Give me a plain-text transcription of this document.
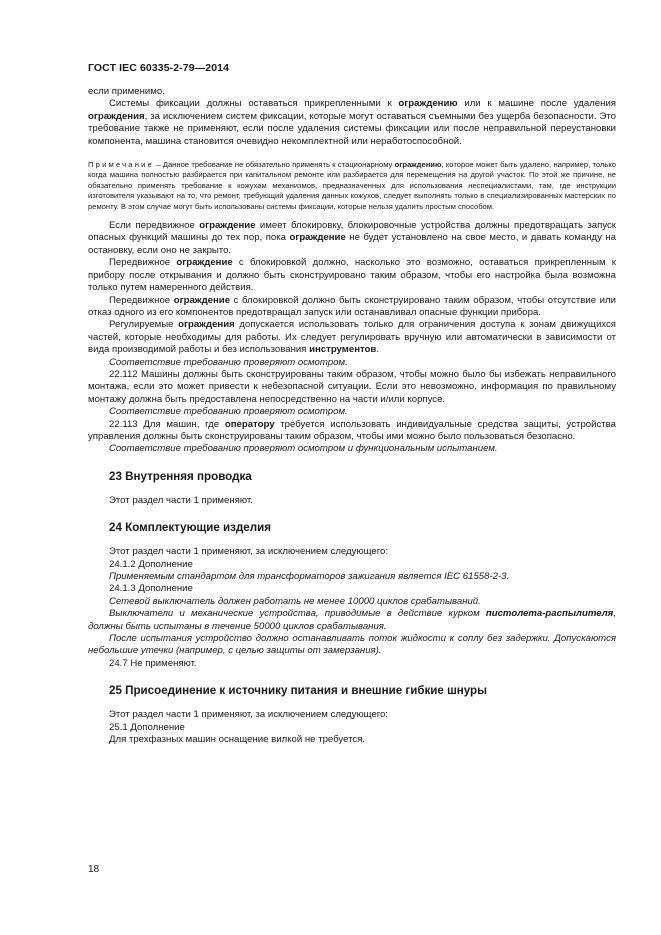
ГОСТ IEC 60335-2-79—2014

если применимо.

Системы фиксации должны оставаться прикрепленными к ограждению или к машине после удаления ограждения, за исключением систем фиксации, которые могут оставаться съемными без ущерба безопасности. Это требование также не применяют, если после удаления системы фиксации или после неправильной переустановки компонента, машина становится очевидно некомплектной или неработоспособной.

Примечание – Данное требование не обязательно применять к стационарному ограждению, которое может быть удалено, например, только когда машина полностью разбирается при капитальном ремонте или разбирается для перемещения на другой участок. По этой же причине, не обязательно применять требование к кожухам механизмов, предназначенных для использования неспециалистами, там, где инструкции изготовителя указывают на то, что ремонт, требующий удаления данных кожухов, следует выполнять только в специализированных мастерских по ремонту. В этом случае могут быть использованы системы фиксации, которые нельзя удалить простым способом.

Если передвижное ограждение имеет блокировку, блокировочные устройства должны предотвращать запуск опасных функций машины до тех пор, пока ограждение не будет установлено на свое место, и давать команду на остановку, если оно не закрыто.

Передвижное ограждение с блокировкой должно, насколько это возможно, оставаться прикрепленным к прибору после открывания и должно быть сконструировано таким образом, чтобы его настройка была возможна только путем намеренного действия.

Передвижное ограждение с блокировкой должно быть сконструировано таким образом, чтобы отсутствие или отказ одного из его компонентов предотвращал запуск или останавливал опасные функции прибора.

Регулируемые ограждения допускается использовать только для ограничения доступа к зонам движущихся частей, которые необходимы для работы. Их следует регулировать вручную или автоматически в зависимости от вида производимой работы и без использования инструментов.

Соответствие требованию проверяют осмотром.

22.112 Машины должны быть сконструированы таким образом, чтобы можно было бы избежать неправильного монтажа, если это может привести к небезопасной ситуации. Если это невозможно, информация по правильному монтажу должна быть предоставлена непосредственно на части и/или корпусе.

Соответствие требованию проверяют осмотром.

22.113 Для машин, где оператору требуется использовать индивидуальные средства защиты, устройства управления должны быть сконструированы таким образом, чтобы ими можно было пользоваться безопасно.

Соответствие требованию проверяют осмотром и функциональным испытанием.

23 Внутренняя проводка

Этот раздел части 1 применяют.

24 Комплектующие изделия

Этот раздел части 1 применяют, за исключением следующего:

24.1.2 Дополнение

Применяемым стандартом для трансформаторов зажигания является IEC 61558-2-3.

24.1.3 Дополнение

Сетевой выключатель должен работать не менее 10000 циклов срабатываний.

Выключатели и механические устройства, приводимые в действие курком пистолета-распылителя, должны быть испытаны в течение 50000 циклов срабатывания.

После испытания устройство должно останавливать поток жидкости к соплу без задержки. Допускаются небольшие утечки (например, с целью защиты от замерзания).

24.7 Не применяют.

25 Присоединение к источнику питания и внешние гибкие шнуры

Этот раздел части 1 применяют, за исключением следующего:

25.1 Дополнение

Для трехфазных машин оснащение вилкой не требуется.

18
